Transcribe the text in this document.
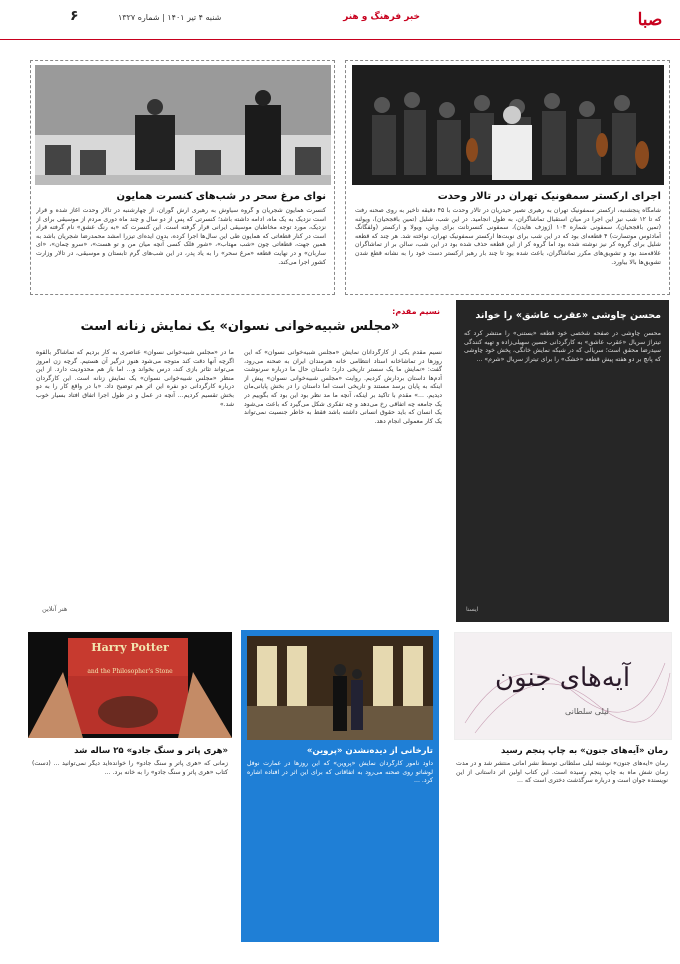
صبا
خبر فرهنگ و هنر
شنبه ۴ تیر ۱۴۰۱ | شماره ۱۳۲۷
۶
اجرای ارکستر سمفونیک تهران در تالار وحدت
شامگاه پنجشنبه، ارکستر سمفونیک تهران به رهبری نصیر حیدریان در تالار وحدت با ۴۵ دقیقه تاخیر به روی صحنه رفت که تا ۱۲ شب نیز این اجرا در میان استقبال تماشاگران، به طول انجامید. در این شب، شلیل (تمین باقجحیان)، ویولنه (تمین باقجحیان)، سمفونی شماره ۱۰۴ (ژوزف هایدن)، سمفونی کنسرتانت برای ویلن، ویولا و ارکستر (ولفگانگ آمادئوس موتسارت) ۴ قطعه‌ای بود که در این شب برای نوبت‌ها ارکستر سمفونیک تهران، نواخته شد. هر چند که قطعه شلیل برای گروه کر نیز نوشته شده بود اما گروه کر از این قطعه حذف شده بود در این شب، سالن بر از تماشاگران علاقه‌مند بود و تشویق‌های مکرر تماشاگران، باعث شده بود تا چند بار رهبر ارکستر دست خود را به نشانه قطع شدن تشویق‌ها بالا بیاورد.
نوای مرغ سحر در شب‌های کنسرت همایون
کنسرت همایون شجریان و گروه سیاوش به رهبری آرش گوران، از چهارشنبه در تالار وحدت آغاز شده و قرار است نزدیک به یک ماه، ادامه داشته باشد؛ کنسرتی که پس از دو سال و چند ماه دوری مردم از موسیقی برای از نزدیک، مورد توجه مخاطبان موسیقی ایرانی قرار گرفته است. این کنسرت که «به رنگ عشق» نام گرفته قرار است در کنار قطعاتی که همایون طی این سال‌ها اجرا کرده، بدون ایده‌ای تیزرا امشد محمدرضا شجریان باشد به همین جهت، قطعاتی چون «شب مهتاب»، «شور فلک کسی آنچه میان من و تو هست»، «سرو چمان»، «ای ساربان» و در نهایت قطعه «مرغ سحر» را به یاد پدر، در این شب‌های گرم تابستان و موسیقی، در تالار وزارت کشور اجرا می‌کند.
نسیم مقدم:
«مجلس شبیه‌خوانی نسوان» یک نمایش زنانه است
نسیم مقدم یکی از کارگردانان نمایش «مجلس شبیه‌خوانی نسوان» که این روزها در تماشاخانه استاد انتظامی خانه هنرمندان ایران به صحنه می‌رود، گفت: «نمایش ما یک سستر تاریخی دارد؛ داستان حال ما درباره سرنوشت آدم‌ها داستان بردارش کردیم. روایت «مجلس شبیه‌خوانی نسوان» پیش از اینکه به پایان برسد مستند و تاریخی است اما داستان را در بخش پایانی‌مان دیدیم. ...» مقدم با تاکید بر اینکه، آنچه ما مد نظر بود این بود که بگوییم در یک جامعه چه اتفاقی رخ می‌دهد و چه تفکری شکل می‌گیرد که باعث می‌شود یک انسان که باید حقوق انسانی داشته باشد فقط به خاطر جنسیت نمی‌تواند یک کار معمولی انجام دهد.
ما در «مجلس شبیه‌خوانی نسوان» عناصری به کار بردیم که تماشاگر بالقوه اگرچه آنها دقت کند متوجه می‌شود هنوز درگیر آن هستیم. گرچه زن امروز می‌تواند تئاتر بازی کند، درس بخواند و... اما باز هم محدودیت دارد. از این منظر «مجلس شبیه‌خوانی نسوان» یک نمایش زنانه است. این کارگردان درباره کارگردانی دو نفره این اثر هم توضیح داد. «با در واقع کار را به دو بخش تقسیم کردیم... آنچه در عمل و در طول اجرا اتفاق افتاد بسیار خوب شد.»
هنر آنلاین
محسن چاوشی «عقرب عاشق» را خواند
محسن چاوشی در صفحه شخصی خود قطعه «بستنی» را منتشر کرد که تیتراژ سریال «عقرب عاشق» به کارگردانی حسین سهیلی‌زاده و تهیه کنندگی سیدرضا محقق است؛ سریالی که در شبکه نمایش خانگی، پخش خود چاوشی که پانچ بر دو هفته پیش قطعه «خشک» را برای تیتراژ سریال «شرم» ...
ایسنا
آیه‌های جنون
لیلی سلطانی
رمان «آیه‌های جنون» به چاپ پنجم رسید
رمان «آیه‌های جنون» نوشته لیلی سلطانی توسط نشر آماتی منتشر شد و در مدت زمان شش ماه به چاپ پنجم رسیده است. این کتاب اولین اثر داستانی از این نویسنده جوان است و درباره سرگذشت دختری است که ...
تارخانی از دیده‌نشدن «پروین»
داود نامور کارگردان نمایش «پروین» که این روزها در عمارت نوفل لوشاتو روی صحنه می‌رود به اتفاقاتی که برای این اثر در افتاده اشاره کرد. ...
Harry Potter
and the Philosopher's Stone
«هری پاتر و سنگ جادو» ۲۵ ساله شد
زمانی که «هری پاتر و سنگ جادو» را خوانده‌اید دیگر نمی‌توانید ... (دست) کتاب «هری پاتر و سنگ جادو» را به خانه برد. ...
